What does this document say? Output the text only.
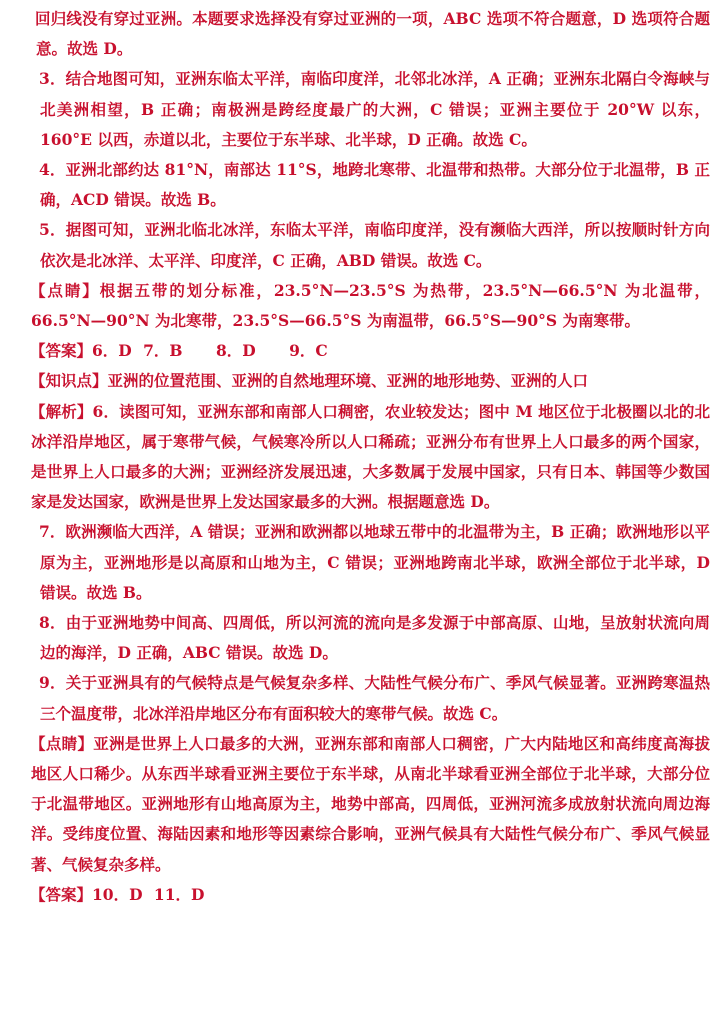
回归线没有穿过亚洲。本题要求选择没有穿过亚洲的一项，ABC 选项不符合题意，D 选项符合题意。故选 D。

3．结合地图可知，亚洲东临太平洋，南临印度洋，北邻北冰洋，A 正确；亚洲东北隔白令海峡与北美洲相望，B 正确；南极洲是跨经度最广的大洲，C 错误；亚洲主要位于 20°W 以东，160°E 以西，赤道以北，主要位于东半球、北半球，D 正确。故选 C。

4．亚洲北部约达 81°N，南部达 11°S，地跨北寒带、北温带和热带。大部分位于北温带，B 正确，ACD 错误。故选 B。

5．据图可知，亚洲北临北冰洋，东临太平洋，南临印度洋，没有濒临大西洋，所以按顺时针方向依次是北冰洋、太平洋、印度洋，C 正确，ABD 错误。故选 C。

【点睛】根据五带的划分标准，23.5°N—23.5°S 为热带，23.5°N—66.5°N 为北温带，66.5°N—90°N 为北寒带，23.5°S—66.5°S 为南温带，66.5°S—90°S 为南寒带。

【答案】6．D 7．B 8．D 9．C

【知识点】亚洲的位置范围、亚洲的自然地理环境、亚洲的地形地势、亚洲的人口

【解析】6．读图可知，亚洲东部和南部人口稠密，农业较发达；图中 M 地区位于北极圈以北的北冰洋沿岸地区，属于寒带气候，气候寒冷所以人口稀疏；亚洲分布有世界上人口最多的两个国家，是世界上人口最多的大洲；亚洲经济发展迅速，大多数属于发展中国家，只有日本、韩国等少数国家是发达国家，欧洲是世界上发达国家最多的大洲。根据题意选 D。

7．欧洲濒临大西洋，A 错误；亚洲和欧洲都以地球五带中的北温带为主，B 正确；欧洲地形以平原为主，亚洲地形是以高原和山地为主，C 错误；亚洲地跨南北半球，欧洲全部位于北半球，D 错误。故选 B。

8．由于亚洲地势中间高、四周低，所以河流的流向是多发源于中部高原、山地，呈放射状流向周边的海洋，D 正确，ABC 错误。故选 D。

9．关于亚洲具有的气候特点是气候复杂多样、大陆性气候分布广、季风气候显著。亚洲跨寒温热三个温度带，北冰洋沿岸地区分布有面积较大的寒带气候。故选 C。

【点睛】亚洲是世界上人口最多的大洲，亚洲东部和南部人口稠密，广大内陆地区和高纬度高海拔地区人口稀少。从东西半球看亚洲主要位于东半球，从南北半球看亚洲全部位于北半球，大部分位于北温带地区。亚洲地形有山地高原为主，地势中部高，四周低，亚洲河流多成放射状流向周边海洋。受纬度位置、海陆因素和地形等因素综合影响，亚洲气候具有大陆性气候分布广、季风气候显著、气候复杂多样。

【答案】10．D 11．D
